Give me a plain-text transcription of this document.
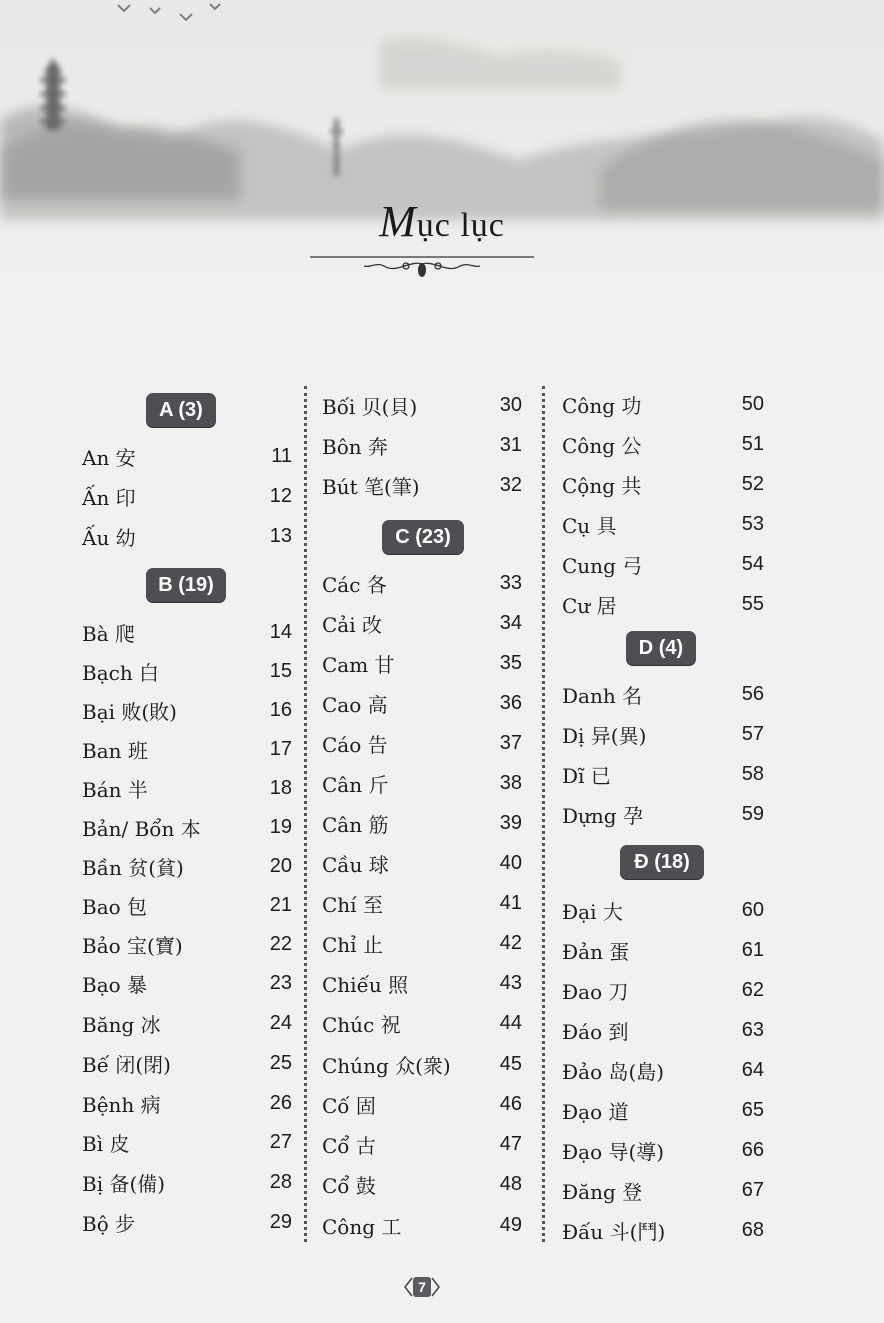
Mục lục
A (3)
An 安	11
Ấn 印	12
Ấu 幼	13
B (19)
Bà 爬	14
Bạch 白	15
Bại 败(敗)	16
Ban 班	17
Bán 半	18
Bản/ Bổn 本	19
Bần 贫(貧)	20
Bao 包	21
Bảo 宝(寶)	22
Bạo 暴	23
Băng 冰	24
Bế 闭(閉)	25
Bệnh 病	26
Bì 皮	27
Bị 备(備)	28
Bộ 步	29
Bối 贝(貝)	30
Bôn 奔	31
Bút 笔(筆)	32
C (23)
Các 各	33
Cải 改	34
Cam 甘	35
Cao 高	36
Cáo 告	37
Cân 斤	38
Cân 筋	39
Cầu 球	40
Chí 至	41
Chỉ 止	42
Chiếu 照	43
Chúc 祝	44
Chúng 众(衆) 45
Cố 固	46
Cổ 古	47
Cổ 鼓	48
Công 工	49
Công 功	50
Công 公	51
Cộng 共	52
Cụ 具	53
Cung 弓	54
Cư 居	55
D (4)
Danh 名	56
Dị 异(異)	57
Dĩ 已	58
Dựng 孕	59
Đ (18)
Đại 大	60
Đản 蛋	61
Đao 刀	62
Đáo 到	63
Đảo 岛(島)	64
Đạo 道	65
Đạo 导(導)	66
Đăng 登	67
Đấu 斗(鬥)	68
7
